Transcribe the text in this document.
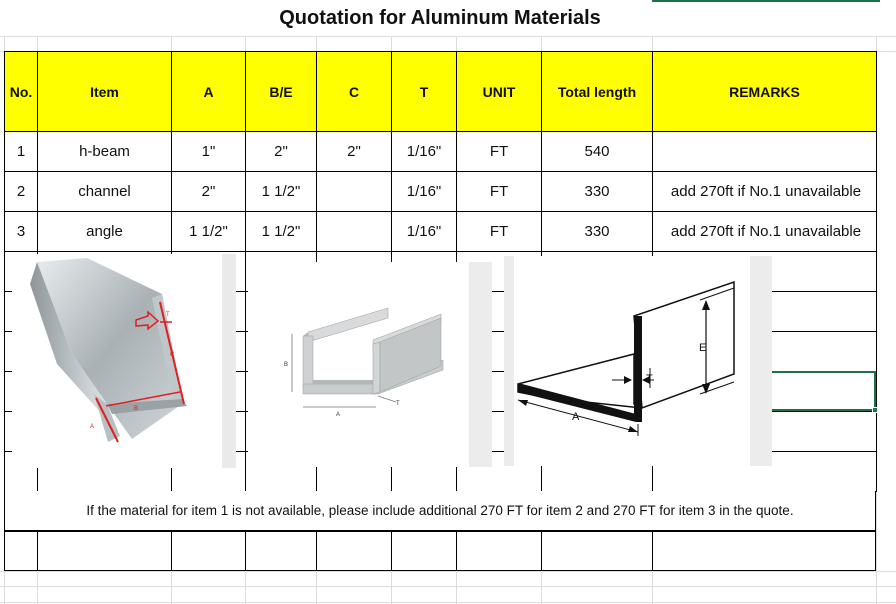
Quotation for Aluminum Materials
No.	Item	A	B/E	C	T	UNIT	Total length	REMARKS
1	h-beam	1"	2"	2"	1/16"	FT	540	
2	channel	2"	1 1/2"		1/16"	FT	330	add 270ft if No.1 unavailable
3	angle	1 1/2"	1 1/2"		1/16"	FT	330	add 270ft if No.1 unavailable

T
C
B
A
B
A
T
E
T
A
If the material for item 1 is not available, please include additional 270 FT for item 2 and 270 FT for item 3 in the quote.
